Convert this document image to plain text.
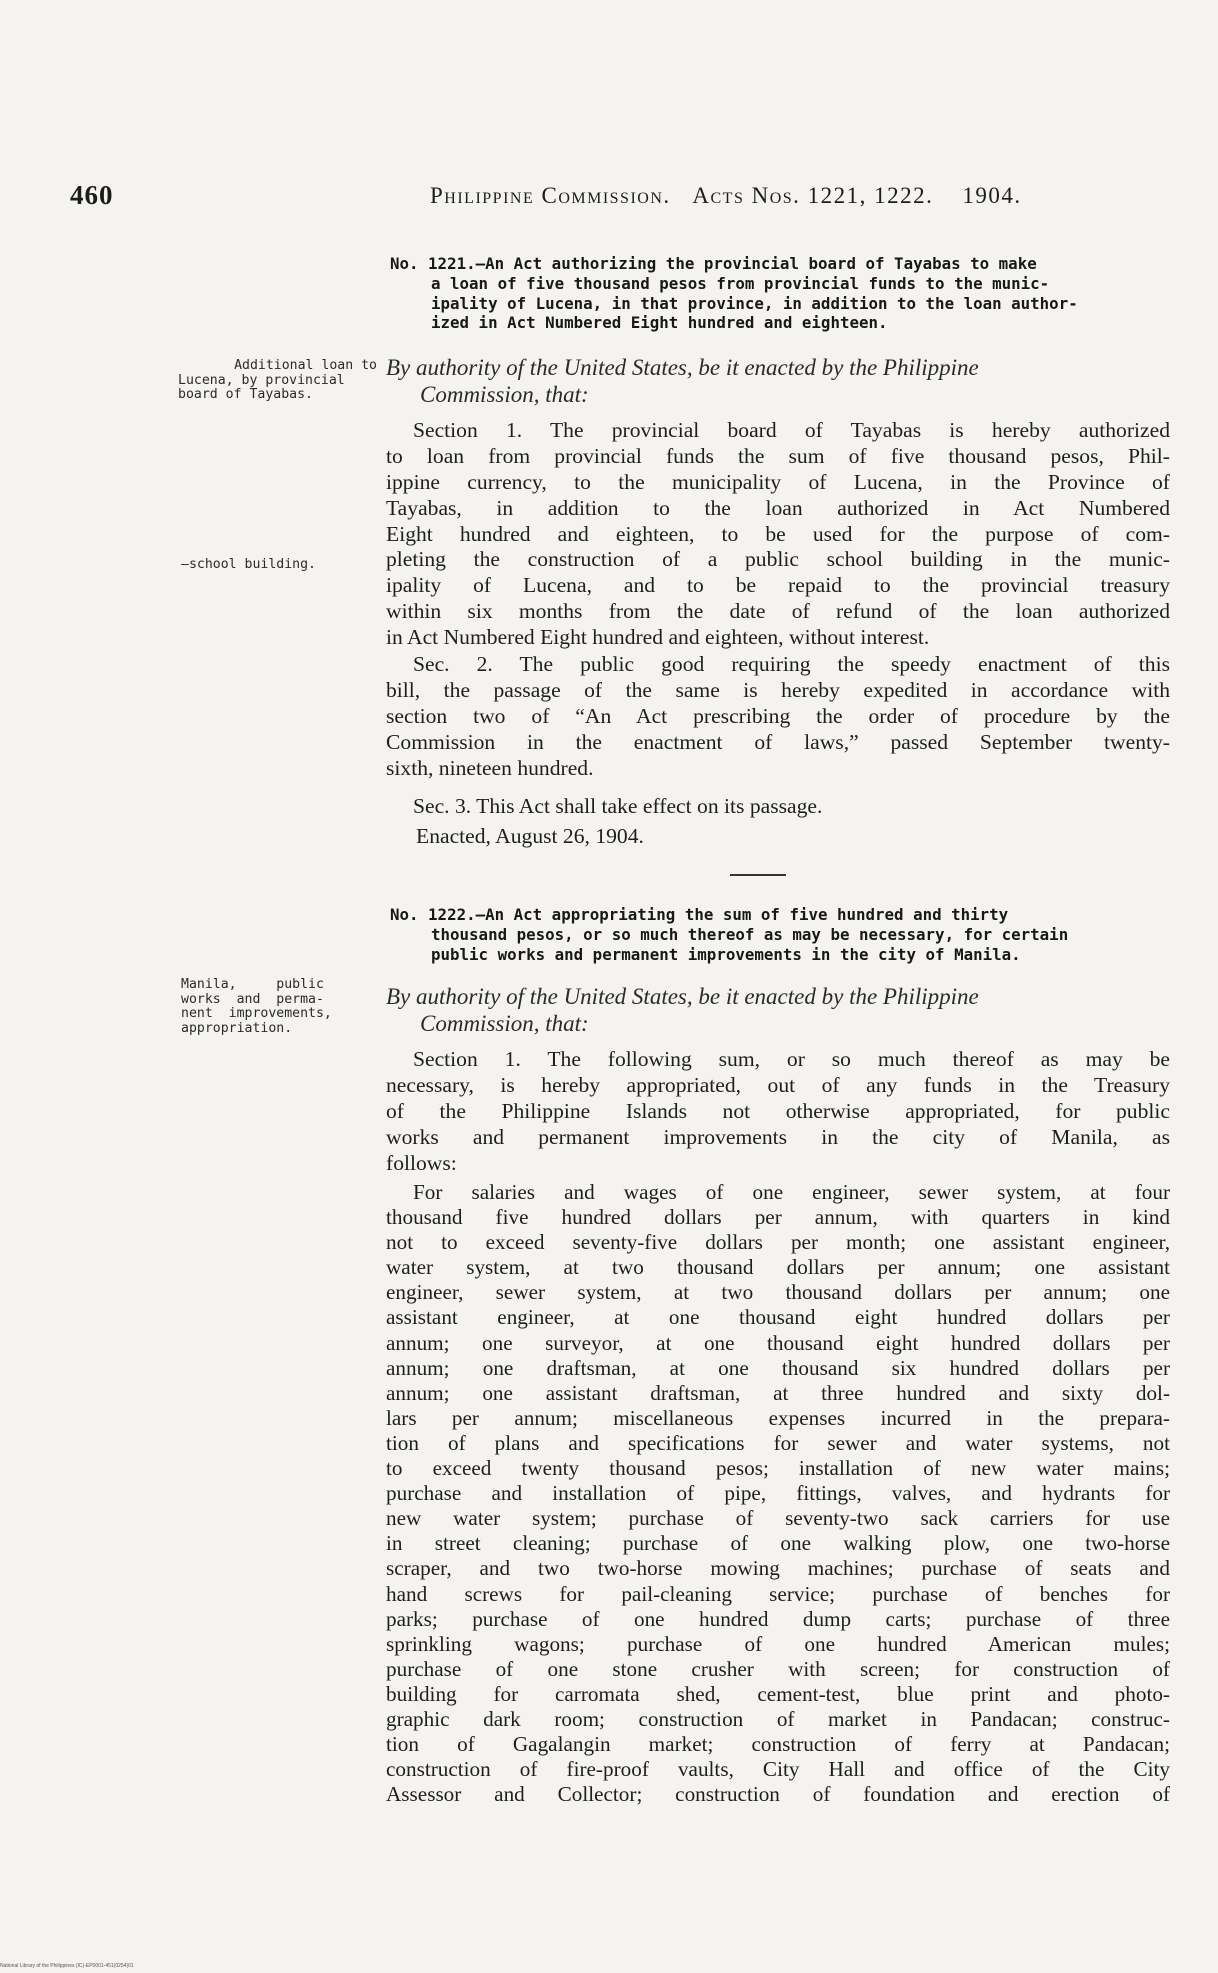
460	Philippine Commission. Acts Nos. 1221, 1222. 1904.
No. 1221.—An Act authorizing the provincial board of Tayabas to make
a loan of five thousand pesos from provincial funds to the munic-
ipality of Lucena, in that province, in addition to the loan author-
ized in Act Numbered Eight hundred and eighteen.
Additional loan to
Lucena, by provincial
board of Tayabas.
—school building.
By authority of the United States, be it enacted by the Philippine
Commission, that:
Section 1. The provincial board of Tayabas is hereby authorized
to loan from provincial funds the sum of five thousand pesos, Phil-
ippine currency, to the municipality of Lucena, in the Province of
Tayabas, in addition to the loan authorized in Act Numbered
Eight hundred and eighteen, to be used for the purpose of com-
pleting the construction of a public school building in the munic-
ipality of Lucena, and to be repaid to the provincial treasury
within six months from the date of refund of the loan authorized
in Act Numbered Eight hundred and eighteen, without interest.
Sec. 2. The public good requiring the speedy enactment of this
bill, the passage of the same is hereby expedited in accordance with
section two of “An Act prescribing the order of procedure by the
Commission in the enactment of laws,” passed September twenty-
sixth, nineteen hundred.
Sec. 3. This Act shall take effect on its passage.
Enacted, August 26, 1904.
No. 1222.—An Act appropriating the sum of five hundred and thirty
thousand pesos, or so much thereof as may be necessary, for certain
public works and permanent improvements in the city of Manila.
Manila,     public
works  and  perma-
nent  improvements,
appropriation.
By authority of the United States, be it enacted by the Philippine
Commission, that:
Section 1. The following sum, or so much thereof as may be
necessary, is hereby appropriated, out of any funds in the Treasury
of the Philippine Islands not otherwise appropriated, for public
works and permanent improvements in the city of Manila, as
follows:
For salaries and wages of one engineer, sewer system, at four
thousand five hundred dollars per annum, with quarters in kind
not to exceed seventy-five dollars per month; one assistant engineer,
water system, at two thousand dollars per annum; one assistant
engineer, sewer system, at two thousand dollars per annum; one
assistant engineer, at one thousand eight hundred dollars per
annum; one surveyor, at one thousand eight hundred dollars per
annum; one draftsman, at one thousand six hundred dollars per
annum; one assistant draftsman, at three hundred and sixty dol-
lars per annum; miscellaneous expenses incurred in the prepara-
tion of plans and specifications for sewer and water systems, not
to exceed twenty thousand pesos; installation of new water mains;
purchase and installation of pipe, fittings, valves, and hydrants for
new water system; purchase of seventy-two sack carriers for use
in street cleaning; purchase of one walking plow, one two-horse
scraper, and two two-horse mowing machines; purchase of seats and
hand screws for pail-cleaning service; purchase of benches for
parks; purchase of one hundred dump carts; purchase of three
sprinkling wagons; purchase of one hundred American mules;
purchase of one stone crusher with screen; for construction of
building for carromata shed, cement-test, blue print and photo-
graphic dark room; construction of market in Pandacan; construc-
tion of Gagalangin market; construction of ferry at Pandacan;
construction of fire-proof vaults, City Hall and office of the City
Assessor and Collector; construction of foundation and erection of
National Library of the Philippines (IC)-EP0001-451(0254)01
